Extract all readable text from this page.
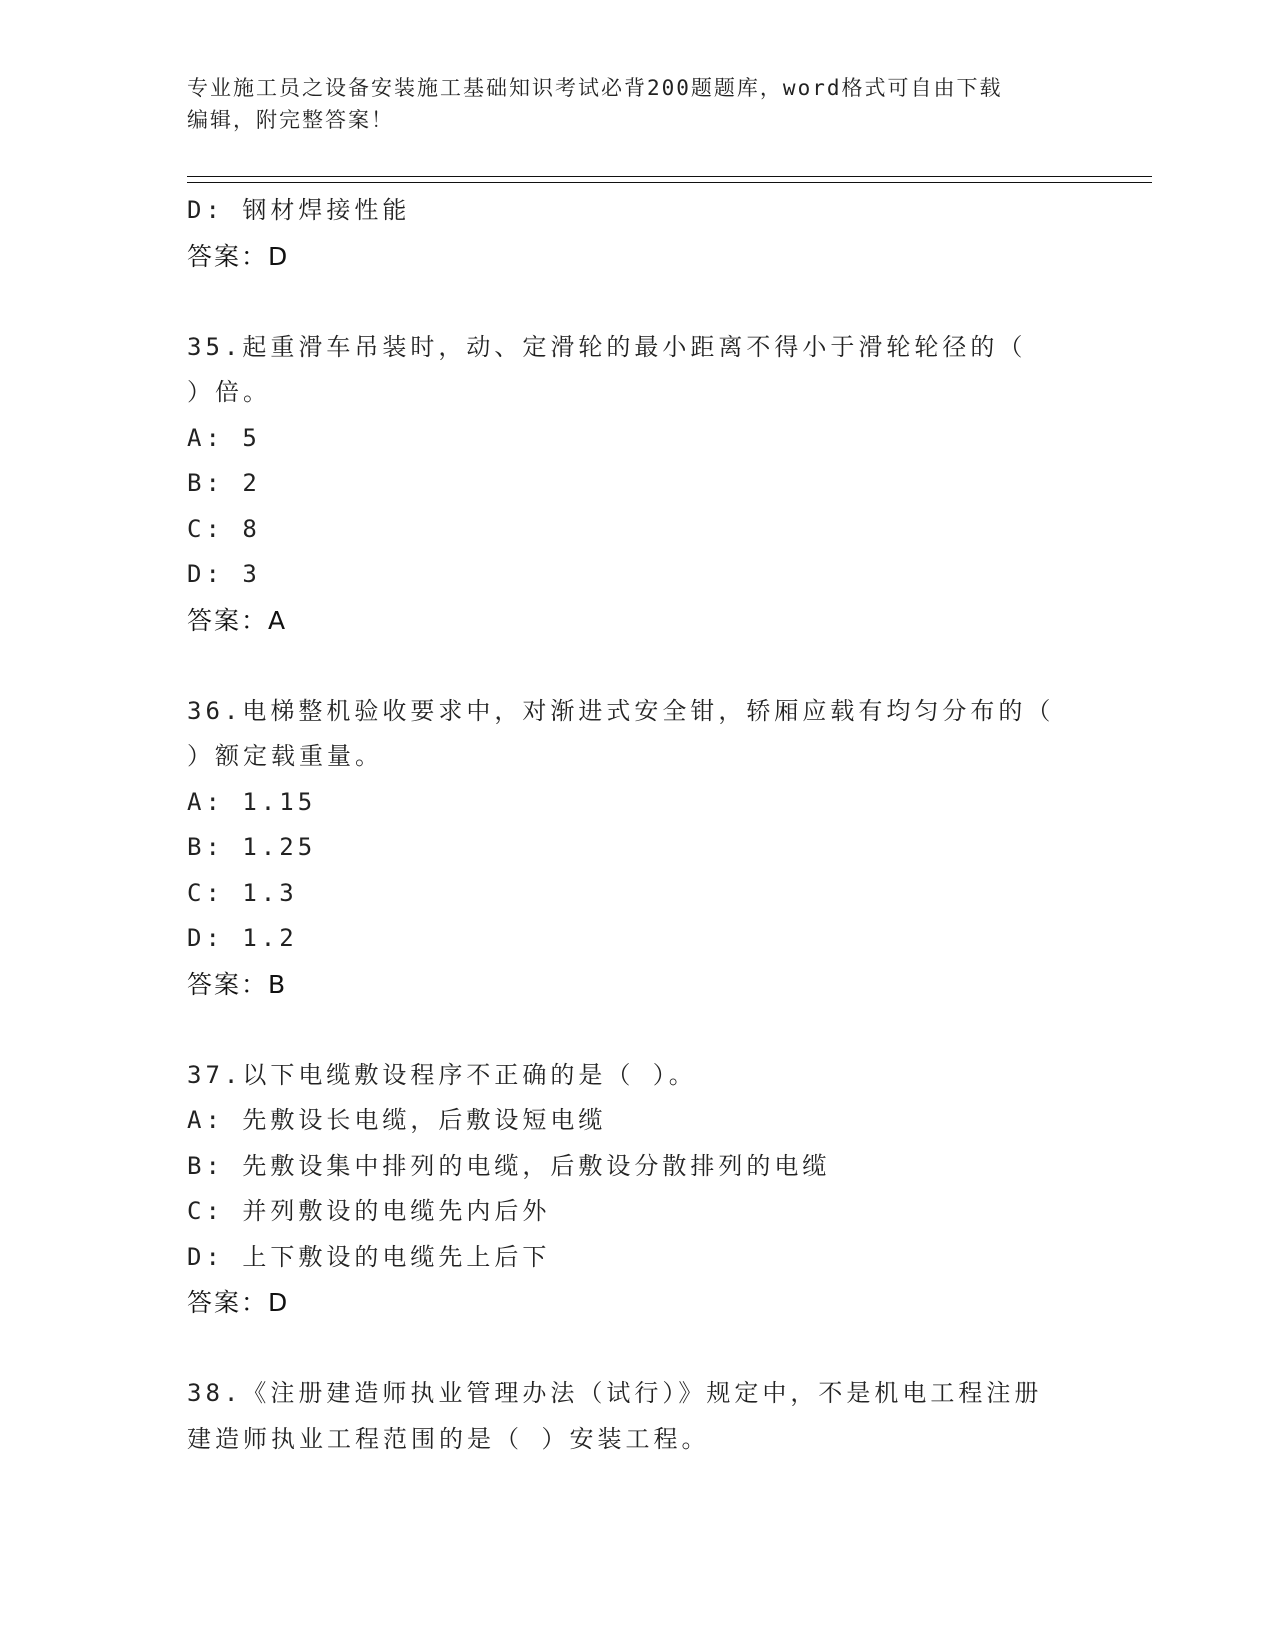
专业施工员之设备安装施工基础知识考试必背200题题库，word格式可自由下载
编辑，附完整答案！
D: 钢材焊接性能
答案：D
35.起重滑车吊装时，动、定滑轮的最小距离不得小于滑轮轮径的（
）倍。
A: 5
B: 2
C: 8
D: 3
答案：A
36.电梯整机验收要求中，对渐进式安全钳，轿厢应载有均匀分布的（
）额定载重量。
A: 1.15
B: 1.25
C: 1.3
D: 1.2
答案：B
37.以下电缆敷设程序不正确的是（ ）。
A: 先敷设长电缆，后敷设短电缆
B: 先敷设集中排列的电缆，后敷设分散排列的电缆
C: 并列敷设的电缆先内后外
D: 上下敷设的电缆先上后下
答案：D
38.《注册建造师执业管理办法（试行）》规定中，不是机电工程注册
建造师执业工程范围的是（ ）安装工程。
